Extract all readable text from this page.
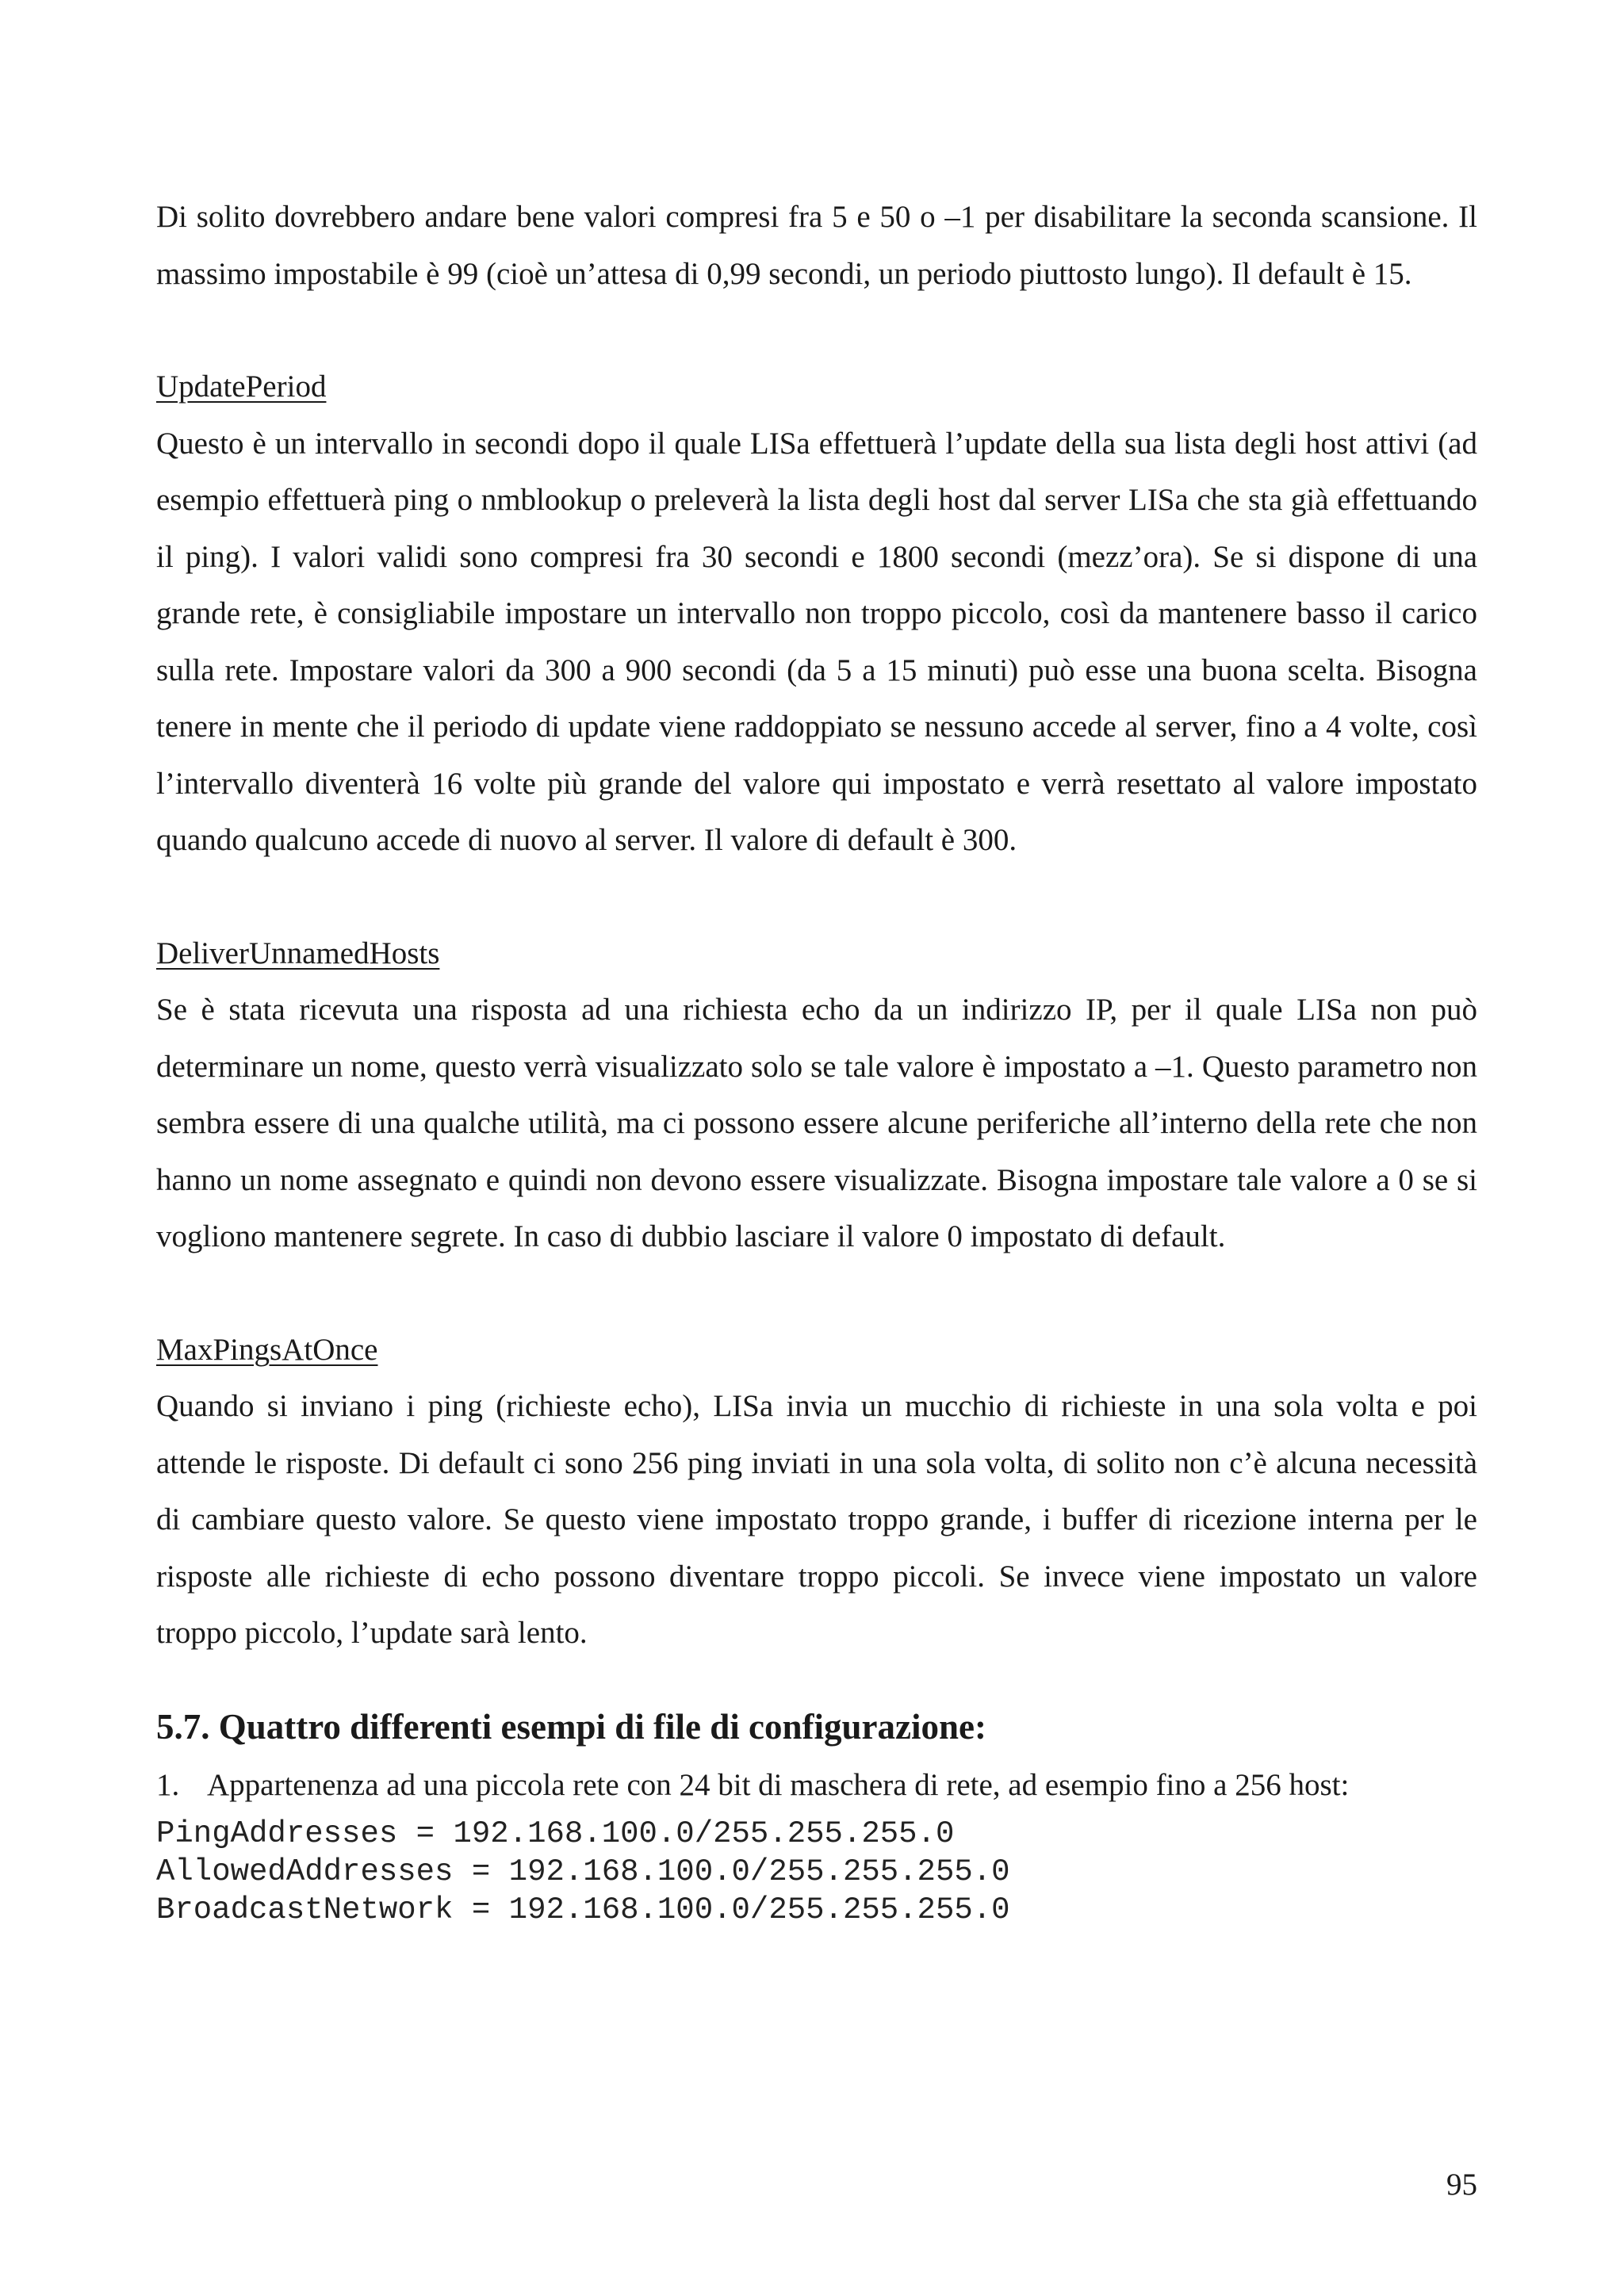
Di solito dovrebbero andare bene valori compresi fra 5 e 50 o –1 per disabilitare la seconda scansione. Il massimo impostabile è 99 (cioè un’attesa di 0,99 secondi, un periodo piuttosto lungo). Il default è 15.

UpdatePeriod

Questo è un intervallo in secondi dopo il quale LISa effettuerà l’update della sua lista degli host attivi (ad esempio effettuerà ping o nmblookup o preleverà la lista degli host dal server LISa che sta già effettuando il ping). I valori validi sono compresi fra 30 secondi e 1800 secondi (mezz’ora). Se si dispone di una grande rete, è consigliabile impostare un intervallo non troppo piccolo, così da mantenere basso il carico sulla rete. Impostare valori da 300 a 900 secondi (da 5 a 15 minuti) può esse una buona scelta. Bisogna tenere in mente che il periodo di update viene raddoppiato se nessuno accede al server, fino a 4 volte, così l’intervallo diventerà 16 volte più grande del valore qui impostato e verrà resettato al valore impostato quando qualcuno accede di nuovo al server. Il valore di default è 300.

DeliverUnnamedHosts

Se è stata ricevuta una risposta ad una richiesta echo da un indirizzo IP, per il quale LISa non può determinare un nome, questo verrà visualizzato solo se tale valore è impostato a –1. Questo parametro non sembra essere di una qualche utilità, ma ci possono essere alcune periferiche all’interno della rete che non hanno un nome assegnato e quindi non devono essere visualizzate. Bisogna impostare tale valore a 0 se si vogliono mantenere segrete. In caso di dubbio lasciare il valore 0 impostato di default.

MaxPingsAtOnce

Quando si inviano i ping (richieste echo), LISa invia un mucchio di richieste in una sola volta e poi attende le risposte. Di default ci sono 256 ping inviati in una sola volta, di solito non c’è alcuna necessità di cambiare questo valore. Se questo viene impostato troppo grande, i buffer di ricezione interna per le risposte alle richieste di echo possono diventare troppo piccoli. Se invece viene impostato un valore troppo piccolo, l’update sarà lento.

5.7. Quattro differenti esempi di file di configurazione:
1. Appartenenza ad una piccola rete con 24 bit di maschera di rete, ad esempio fino a 256 host:
PingAddresses = 192.168.100.0/255.255.255.0
AllowedAddresses = 192.168.100.0/255.255.255.0
BroadcastNetwork = 192.168.100.0/255.255.255.0
95
